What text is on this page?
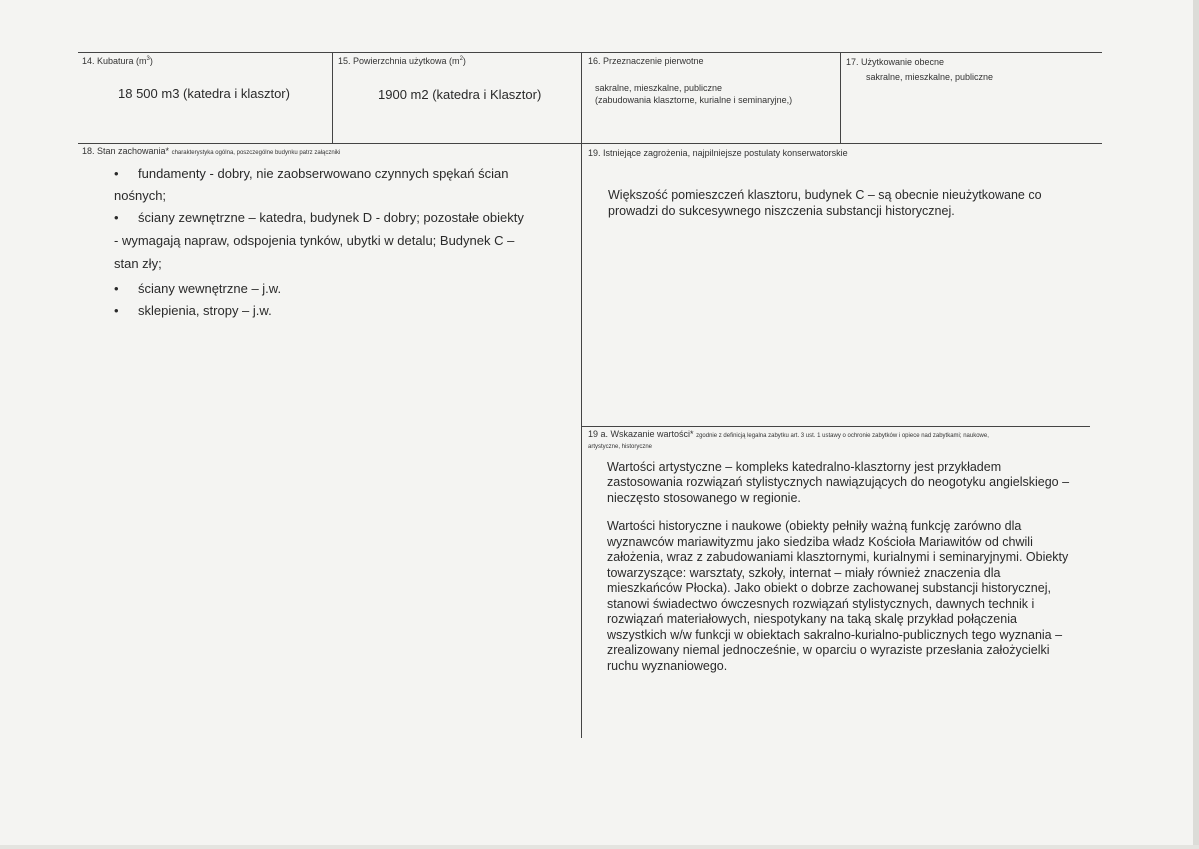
14. Kubatura $(m^3)$
18 500 m3 (katedra i klasztor)
15. Powierzchnia użytkowa $(m^2)$
1900 m2 (katedra i Klasztor)
16. Przeznaczenie pierwotne
sakralne, mieszkalne, publiczne
(zabudowania klasztorne, kurialne i seminaryjne,)
17. Użytkowanie obecne
sakralne, mieszkalne, publiczne
18. Stan zachowania* charakterystyka ogólna, poszczególne budynku patrz załączniki
• fundamenty - dobry, nie zaobserwowano czynnych spękań ścian
nośnych;
• ściany zewnętrzne – katedra, budynek D - dobry; pozostałe obiekty
- wymagają napraw, odspojenia tynków, ubytki w detalu; Budynek C –
stan zły;
• ściany wewnętrzne – j.w.
• sklepienia, stropy – j.w.
19. Istniejące zagrożenia, najpilniejsze postulaty konserwatorskie
Większość pomieszczeń klasztoru, budynek C – są obecnie nieużytkowane co
prowadzi do sukcesywnego niszczenia substancji historycznej.
19 a. Wskazanie wartości* zgodnie z definicją legalna zabytku art. 3 ust. 1 ustawy o ochronie zabytków i opiece nad zabytkami; naukowe,
artystyczne, historyczne
Wartości artystyczne – kompleks katedralno-klasztorny jest przykładem
zastosowania rozwiązań stylistycznych nawiązujących do neogotyku angielskiego –
nieczęsto stosowanego w regionie.
Wartości historyczne i naukowe (obiekty pełniły ważną funkcję zarówno dla
wyznawców mariawityzmu jako siedziba władz Kościoła Mariawitów od chwili
założenia, wraz z zabudowaniami klasztornymi, kurialnymi i seminaryjnymi. Obiekty
towarzyszące: warsztaty, szkoły, internat – miały również znaczenia dla
mieszkańców Płocka). Jako obiekt o dobrze zachowanej substancji historycznej,
stanowi świadectwo ówczesnych rozwiązań stylistycznych, dawnych technik i
rozwiązań materiałowych, niespotykany na taką skalę przykład połączenia
wszystkich w/w funkcji w obiektach sakralno-kurialno-publicznych tego wyznania –
zrealizowany niemal jednocześnie, w oparciu o wyraziste przesłania założycielki
ruchu wyznaniowego.
